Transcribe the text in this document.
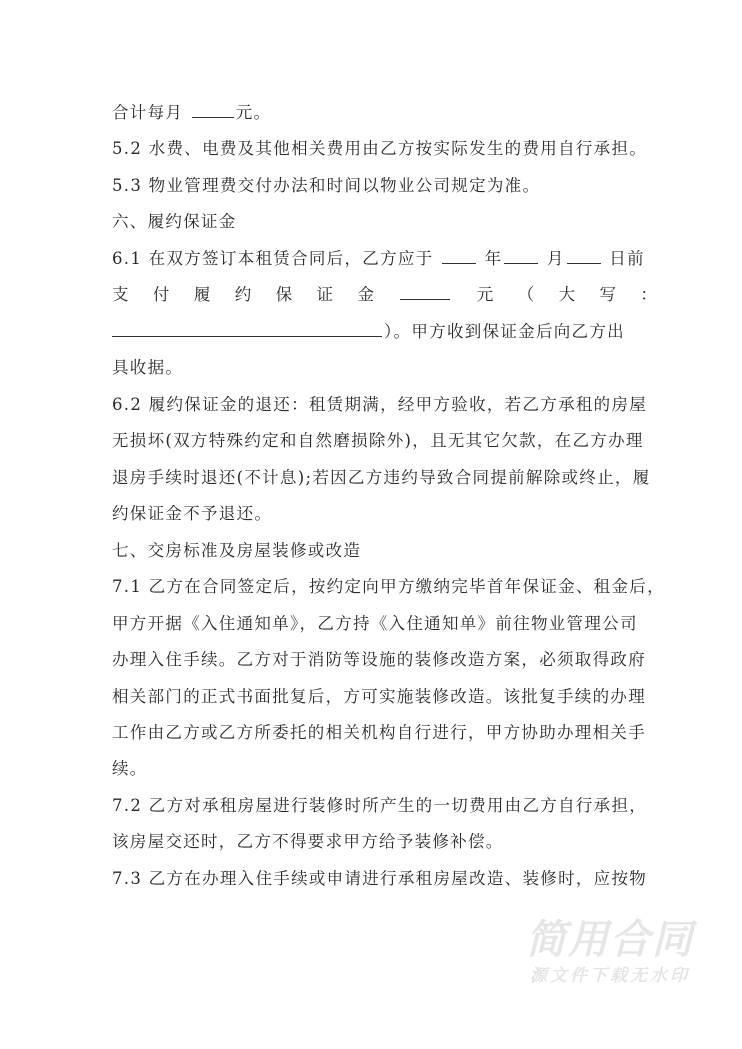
合计每月	元。
5.2 水费、电费及其他相关费用由乙方按实际发生的费用自行承担。
5.3 物业管理费交付办法和时间以物业公司规定为准。
六、履约保证金
6.1 在双方签订本租赁合同后，乙方应于  年 月 日前
支 付 履 约 保 证 金	元 （ 大 写 ：
）。甲方收到保证金后向乙方出
具收据。
6.2 履约保证金的退还：租赁期满，经甲方验收，若乙方承租的房屋
无损坏(双方特殊约定和自然磨损除外)，且无其它欠款，在乙方办理
退房手续时退还(不计息);若因乙方违约导致合同提前解除或终止，履
约保证金不予退还。
七、交房标准及房屋装修或改造
7.1 乙方在合同签定后，按约定向甲方缴纳完毕首年保证金、租金后，
甲方开据《入住通知单》，乙方持《入住通知单》前往物业管理公司
办理入住手续。乙方对于消防等设施的装修改造方案，必须取得政府
相关部门的正式书面批复后，方可实施装修改造。该批复手续的办理
工作由乙方或乙方所委托的相关机构自行进行，甲方协助办理相关手
续。
7.2 乙方对承租房屋进行装修时所产生的一切费用由乙方自行承担，
该房屋交还时，乙方不得要求甲方给予装修补偿。
7.3 乙方在办理入住手续或申请进行承租房屋改造、装修时，应按物
简用合同
源文件下载无水印
